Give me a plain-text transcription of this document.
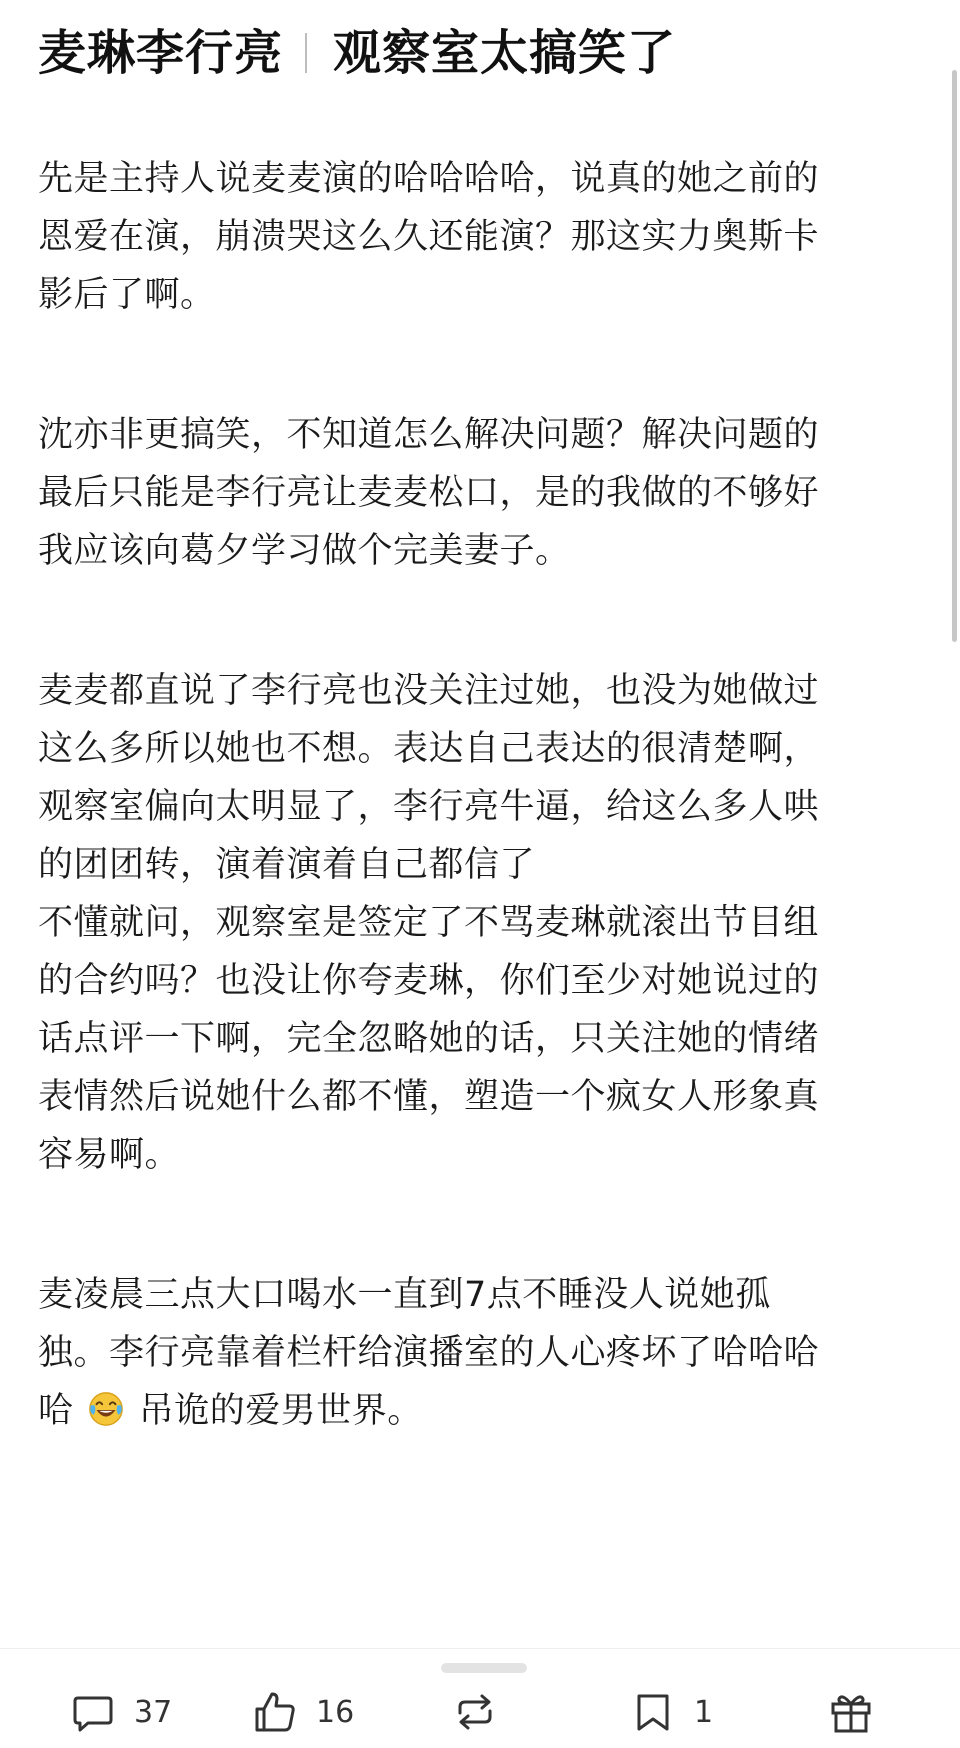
麦琳李行亮 观察室太搞笑了
先是主持人说麦麦演的哈哈哈哈，说真的她之前的
恩爱在演，崩溃哭这么久还能演？那这实力奥斯卡
影后了啊。
沈亦非更搞笑，不知道怎么解决问题？解决问题的
最后只能是李行亮让麦麦松口，是的我做的不够好
我应该向葛夕学习做个完美妻子。
麦麦都直说了李行亮也没关注过她，也没为她做过
这么多所以她也不想。表达自己表达的很清楚啊，
观察室偏向太明显了，李行亮牛逼，给这么多人哄
的团团转，演着演着自己都信了
不懂就问，观察室是签定了不骂麦琳就滚出节目组
的合约吗？也没让你夸麦琳，你们至少对她说过的
话点评一下啊，完全忽略她的话，只关注她的情绪
表情然后说她什么都不懂，塑造一个疯女人形象真
容易啊。
麦凌晨三点大口喝水一直到7点不睡没人说她孤
独。李行亮靠着栏杆给演播室的人心疼坏了哈哈哈
哈 吊诡的爱男世界。
37	16	1
